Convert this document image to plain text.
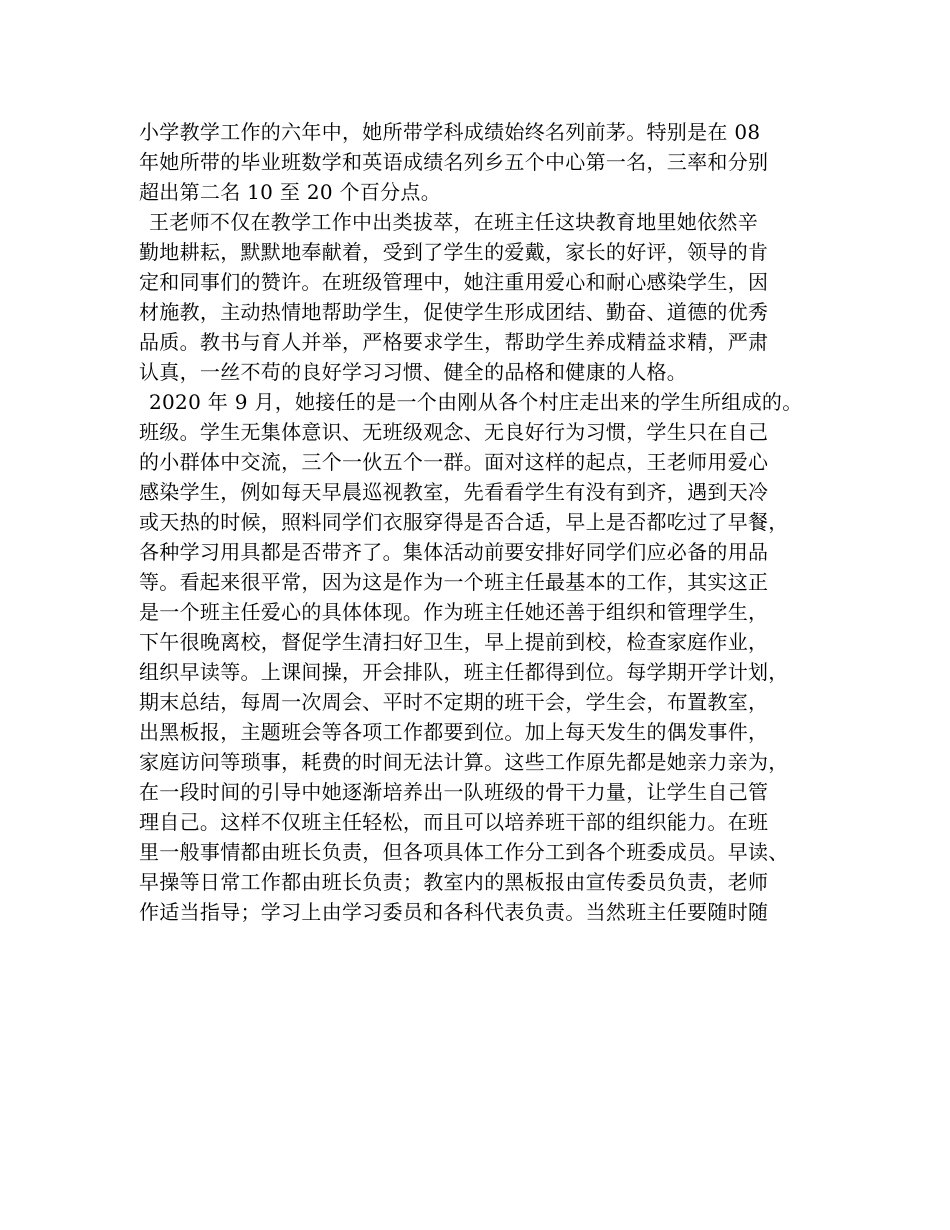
小学教学工作的六年中，她所带学科成绩始终名列前茅。特别是在 08
年她所带的毕业班数学和英语成绩名列乡五个中心第一名，三率和分别
超出第二名 10 至 20 个百分点。
王老师不仅在教学工作中出类拔萃，在班主任这块教育地里她依然辛
勤地耕耘，默默地奉献着，受到了学生的爱戴，家长的好评，领导的肯
定和同事们的赞许。在班级管理中，她注重用爱心和耐心感染学生，因
材施教，主动热情地帮助学生，促使学生形成团结、勤奋、道德的优秀
品质。教书与育人并举，严格要求学生，帮助学生养成精益求精，严肃
认真，一丝不苟的良好学习习惯、健全的品格和健康的人格。
2020 年 9 月，她接任的是一个由刚从各个村庄走出来的学生所组成的。
班级。学生无集体意识、无班级观念、无良好行为习惯，学生只在自己
的小群体中交流，三个一伙五个一群。面对这样的起点，王老师用爱心
感染学生，例如每天早晨巡视教室，先看看学生有没有到齐，遇到天冷
或天热的时候，照料同学们衣服穿得是否合适，早上是否都吃过了早餐，
各种学习用具都是否带齐了。集体活动前要安排好同学们应必备的用品
等。看起来很平常，因为这是作为一个班主任最基本的工作，其实这正
是一个班主任爱心的具体体现。作为班主任她还善于组织和管理学生，
下午很晚离校，督促学生清扫好卫生，早上提前到校，检查家庭作业，
组织早读等。上课间操，开会排队，班主任都得到位。每学期开学计划，
期末总结，每周一次周会、平时不定期的班干会，学生会，布置教室，
出黑板报，主题班会等各项工作都要到位。加上每天发生的偶发事件，
家庭访问等琐事，耗费的时间无法计算。这些工作原先都是她亲力亲为，
在一段时间的引导中她逐渐培养出一队班级的骨干力量，让学生自己管
理自己。这样不仅班主任轻松，而且可以培养班干部的组织能力。在班
里一般事情都由班长负责，但各项具体工作分工到各个班委成员。早读、
早操等日常工作都由班长负责；教室内的黑板报由宣传委员负责，老师
作适当指导；学习上由学习委员和各科代表负责。当然班主任要随时随
